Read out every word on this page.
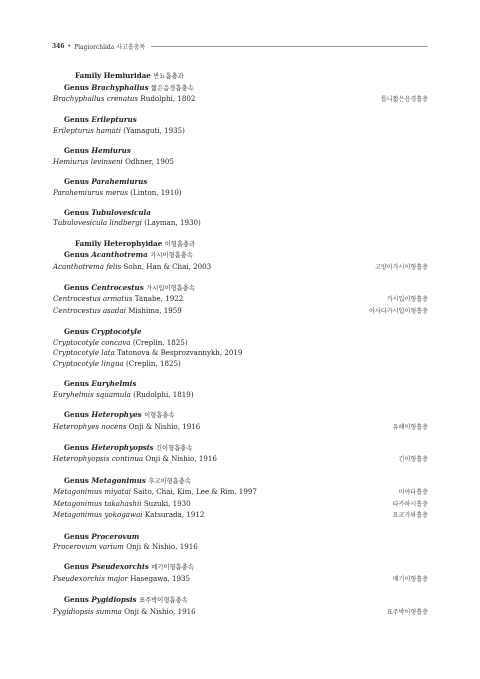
346 • Plagiorchiida 사고흡충목
Family Hemiuridae 반뇨흡충과
Genus Brachyphallus 짧은음경흡충속
Brachyphallus crenatus Rudolphi, 1802	톱니짧은음경흡충
Genus Erilepturus
Erilepturus hamati (Yamaguti, 1935)
Genus Hemiurus
Hemiurus levinseni Odhner, 1905
Genus Parahemiurus
Parahemiurus merus (Linton, 1910)
Genus Tubulovesicula
Tubulovesicula lindbergi (Layman, 1930)
Family Heterophyidae 이형흡충과
Genus Acanthotrema 가시이형흡충속
Acanthotrema felis Sohn, Han & Chai, 2003	고양이가시이형흡충
Genus Centrocestus 가시입이형흡충속
Centrocestus armatus Tanabe, 1922	가시입이형흡충
Centrocestus asadai Mishima, 1959	아사다가시입이형흡충
Genus Cryptocotyle
Cryptocotyle concava (Creplin, 1825)
Cryptocotyle lata Tatonova & Besprozvannykh, 2019
Cryptocotyle lingua (Creplin, 1825)
Genus Euryhelmis
Euryhelmis squamula (Rudolphi, 1819)
Genus Heterophyes 이형흡충속
Heterophyes nocens Onji & Nishio, 1916	유해이형흡충
Genus Heterophyopsis 긴이형흡충속
Heterophyopsis continua Onji & Nishio, 1916	긴이형흡충
Genus Metagonimus 후고이형흡충속
Metagonimus miyatai Saito, Chai, Kim, Lee & Rim, 1997	미야타흡충
Metagonimus takahashii Suzuki, 1930	타카하시흡충
Metagonimus yokogawai Katsurada, 1912	요코가와흡충
Genus Procerovum
Procerovum varium Onji & Nishio, 1916
Genus Pseudexorchis 메기이형흡충속
Pseudexorchis major Hasegawa, 1935	메기이형흡충
Genus Pygidiopsis 표주박이형흡충속
Pygidiopsis summa Onji & Nishio, 1916	표주박이형흡충
